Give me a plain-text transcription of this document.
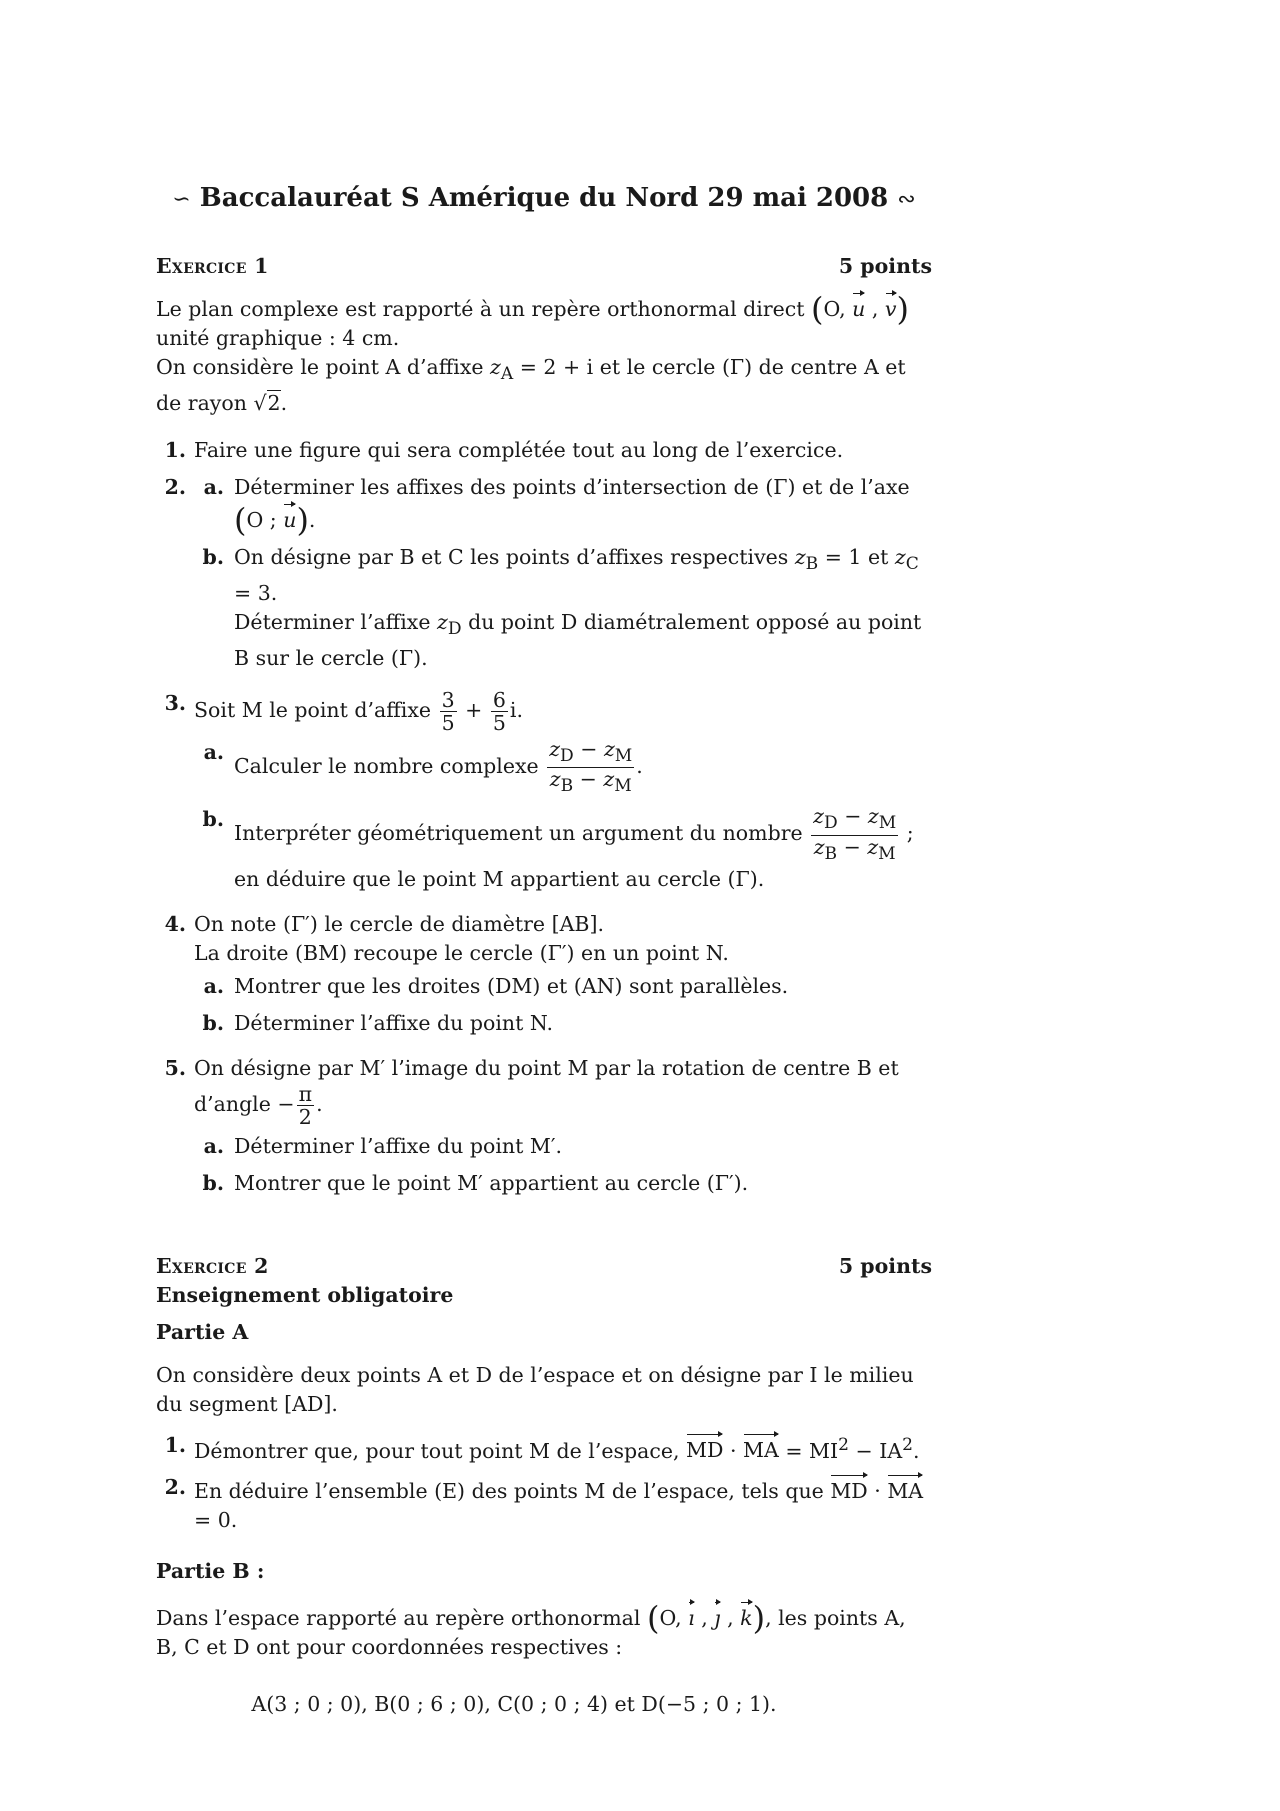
∽ Baccalauréat S Amérique du Nord 29 mai 2008 ∾
Exercice 1	5 points

Le plan complexe est rapporté à un repère orthonormal direct (O, u , v) unité graphique : 4 cm.
On considère le point A d’affixe $z_A = 2 + i$ et le cercle (Γ) de centre A et de rayon √2.

1. Faire une figure qui sera complétée tout au long de l’exercice.
2. a. Déterminer les affixes des points d’intersection de (Γ) et de l’axe (O ; u).
b. On désigne par B et C les points d’affixes respectives $z_B = 1$ et $z_C = 3$.
Déterminer l’affixe $z_D$ du point D diamétralement opposé au point B sur le cercle (Γ).
3. Soit M le point d’affixe $\frac{3}{5} + \frac{6}{5} i$.
a.
Calculer le nombre complexe $\frac{z_D - z_M}{z_B - z_M}$ .
b.
Interpréter géométriquement un argument du nombre $\frac{z_D - z_M}{z_B - z_M}$ ; en déduire que le point M appartient au cercle (Γ).
4. On note (Γ′) le cercle de diamètre [AB].
La droite (BM) recoupe le cercle (Γ′) en un point N.
a. Montrer que les droites (DM) et (AN) sont parallèles.
b. Déterminer l’affixe du point N.
5. On désigne par M′ l’image du point M par la rotation de centre B et d’angle − $\frac{\pi}{2}$ .
a. Déterminer l’affixe du point M′.
b. Montrer que le point M′ appartient au cercle (Γ′).
Exercice 2	5 points
Enseignement obligatoire
Partie A

On considère deux points A et D de l’espace et on désigne par I le milieu du segment [AD].

1. Démontrer que, pour tout point M de l’espace, MD · MA = $MI^2 - IA^2$.
2. En déduire l’ensemble (E) des points M de l’espace, tels que MD · MA = 0.
Partie B :

Dans l’espace rapporté au repère orthonormal (O, ı , ȷ , k), les points A, B, C et D ont pour coordonnées respectives :

A(3 ; 0 ; 0), B(0 ; 6 ; 0), C(0 ; 0 ; 4) et D(−5 ; 0 ; 1).
